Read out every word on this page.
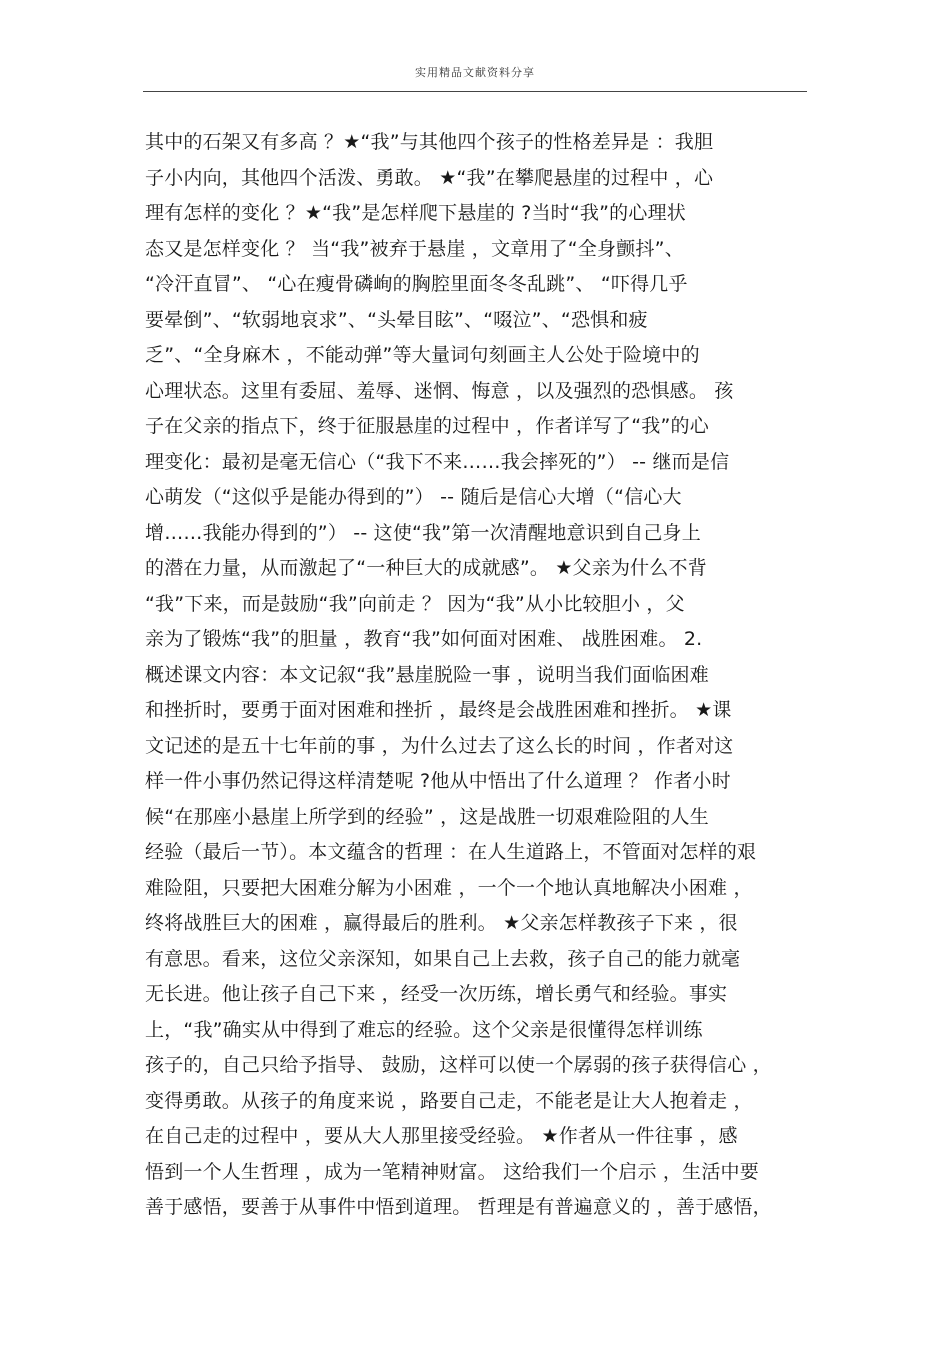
实用精品文献资料分享
其中的石架又有多高 ？★“我”与其他四个孩子的性格差异是 ：我胆
子小内向，其他四个活泼、勇敢。 ★“我”在攀爬悬崖的过程中 ，心
理有怎样的变化 ？★“我”是怎样爬下悬崖的 ?当时“我”的心理状
态又是怎样变化 ？ 当“我”被弃于悬崖 ，文章用了“全身颤抖”、
“冷汗直冒”、 “心在瘦骨磷峋的胸腔里面冬冬乱跳”、 “吓得几乎
要晕倒”、“软弱地哀求”、“头晕目眩”、“啜泣”、“恐惧和疲
乏”、“全身麻木 ，不能动弹”等大量词句刻画主人公处于险境中的
心理状态。这里有委屈、羞辱、迷惘、悔意 ，以及强烈的恐惧感。 孩
子在父亲的指点下，终于征服悬崖的过程中 ，作者详写了“我”的心
理变化：最初是毫无信心（“我下不来……我会摔死的”） -- 继而是信
心萌发（“这似乎是能办得到的”） -- 随后是信心大增（“信心大
增……我能办得到的”） -- 这使“我”第一次清醒地意识到自己身上
的潜在力量，从而激起了“一种巨大的成就感”。 ★父亲为什么不背
“我”下来，而是鼓励“我”向前走 ？ 因为“我”从小比较胆小 ，父
亲为了锻炼“我”的胆量 ，教育“我”如何面对困难、 战胜困难。 2.
概述课文内容：本文记叙“我”悬崖脱险一事 ，说明当我们面临困难
和挫折时，要勇于面对困难和挫折 ，最终是会战胜困难和挫折。 ★课
文记述的是五十七年前的事 ，为什么过去了这么长的时间 ，作者对这
样一件小事仍然记得这样清楚呢 ?他从中悟出了什么道理 ？ 作者小时
候“在那座小悬崖上所学到的经验” ，这是战胜一切艰难险阻的人生
经验（最后一节）。本文蕴含的哲理 ：在人生道路上，不管面对怎样的艰
难险阻，只要把大困难分解为小困难 ，一个一个地认真地解决小困难 ，
终将战胜巨大的困难 ，赢得最后的胜利。 ★父亲怎样教孩子下来 ，很
有意思。看来，这位父亲深知，如果自己上去救，孩子自己的能力就毫
无长进。他让孩子自己下来 ，经受一次历练，增长勇气和经验。事实
上，“我”确实从中得到了难忘的经验。这个父亲是很懂得怎样训练
孩子的，自己只给予指导、 鼓励，这样可以使一个孱弱的孩子获得信心 ，
变得勇敢。从孩子的角度来说 ，路要自己走，不能老是让大人抱着走 ，
在自己走的过程中 ，要从大人那里接受经验。 ★作者从一件往事 ，感
悟到一个人生哲理 ，成为一笔精神财富。 这给我们一个启示 ，生活中要
善于感悟，要善于从事件中悟到道理。 哲理是有普遍意义的 ，善于感悟，
